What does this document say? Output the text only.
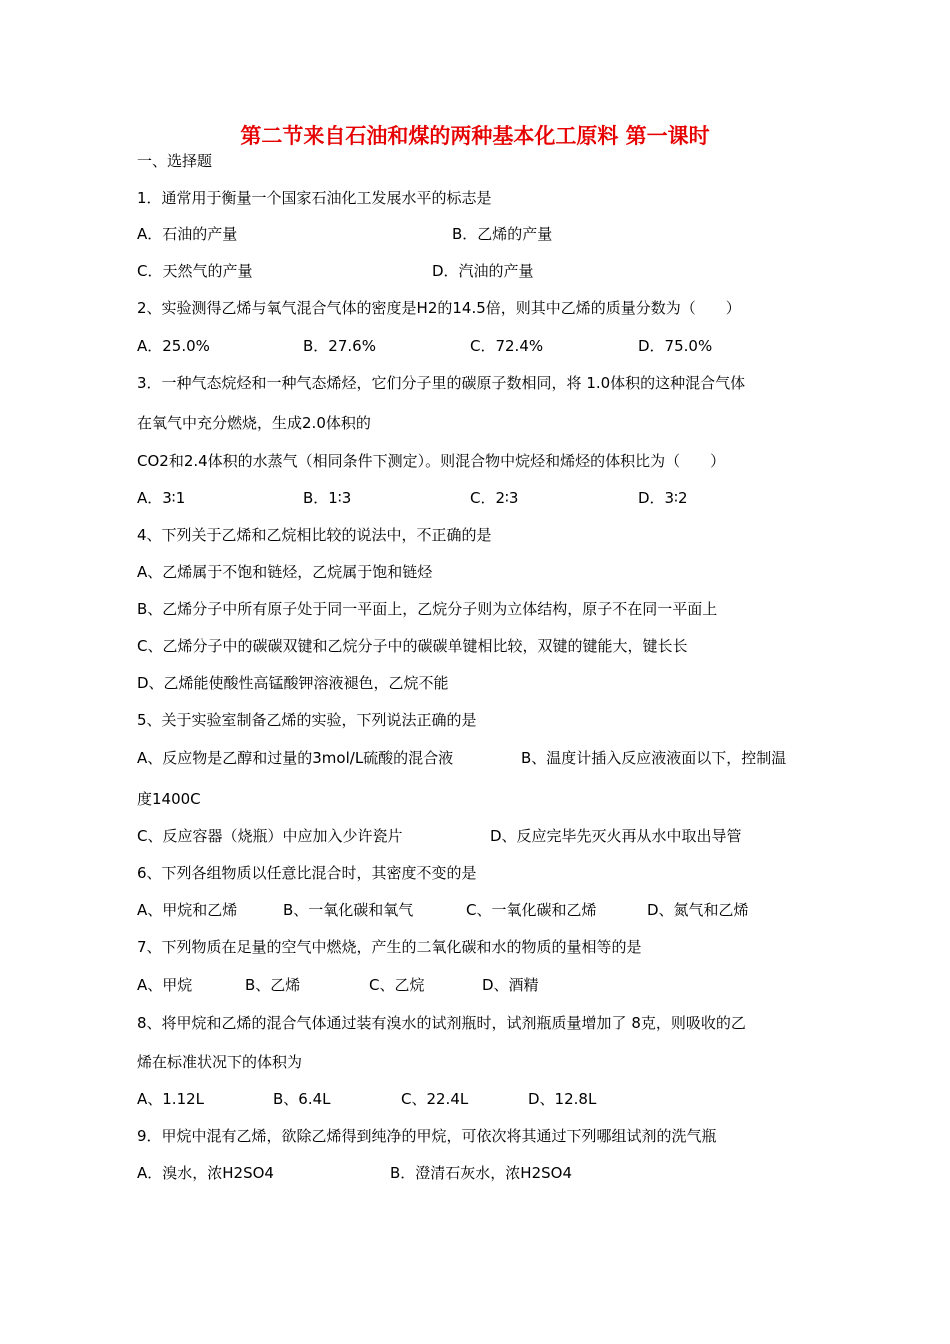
第二节来自石油和煤的两种基本化工原料 第一课时
一、选择题
1．通常用于衡量一个国家石油化工发展水平的标志是
A．石油的产量	B．乙烯的产量
C．天然气的产量	D．汽油的产量
2、实验测得乙烯与氧气混合气体的密度是H2的14.5倍，则其中乙烯的质量分数为（　　）
A．25.0%	B．27.6%	C．72.4%	D．75.0%
3．一种气态烷烃和一种气态烯烃，它们分子里的碳原子数相同，将 1.0体积的这种混合气体
在氧气中充分燃烧，生成2.0体积的
CO2和2.4体积的水蒸气（相同条件下测定）。则混合物中烷烃和烯烃的体积比为（　　）
A．3∶1	B．1∶3	C．2∶3	D．3∶2
4、下列关于乙烯和乙烷相比较的说法中，不正确的是
A、乙烯属于不饱和链烃，乙烷属于饱和链烃
B、乙烯分子中所有原子处于同一平面上，乙烷分子则为立体结构，原子不在同一平面上
C、乙烯分子中的碳碳双键和乙烷分子中的碳碳单键相比较，双键的键能大，键长长
D、乙烯能使酸性高锰酸钾溶液褪色，乙烷不能
5、关于实验室制备乙烯的实验，下列说法正确的是
A、反应物是乙醇和过量的3mol/L硫酸的混合液	B、温度计插入反应液液面以下，控制温
度1400C
C、反应容器（烧瓶）中应加入少许瓷片	D、反应完毕先灭火再从水中取出导管
6、下列各组物质以任意比混合时，其密度不变的是
A、甲烷和乙烯	B、一氧化碳和氧气	C、一氧化碳和乙烯	D、氮气和乙烯
7、下列物质在足量的空气中燃烧，产生的二氧化碳和水的物质的量相等的是
A、甲烷	B、乙烯	C、乙烷	D、酒精
8、将甲烷和乙烯的混合气体通过装有溴水的试剂瓶时，试剂瓶质量增加了 8克，则吸收的乙
烯在标准状况下的体积为
A、1.12L	B、6.4L	C、22.4L	D、12.8L
9．甲烷中混有乙烯，欲除乙烯得到纯净的甲烷，可依次将其通过下列哪组试剂的洗气瓶
A．溴水，浓H2SO4	B．澄清石灰水，浓H2SO4
